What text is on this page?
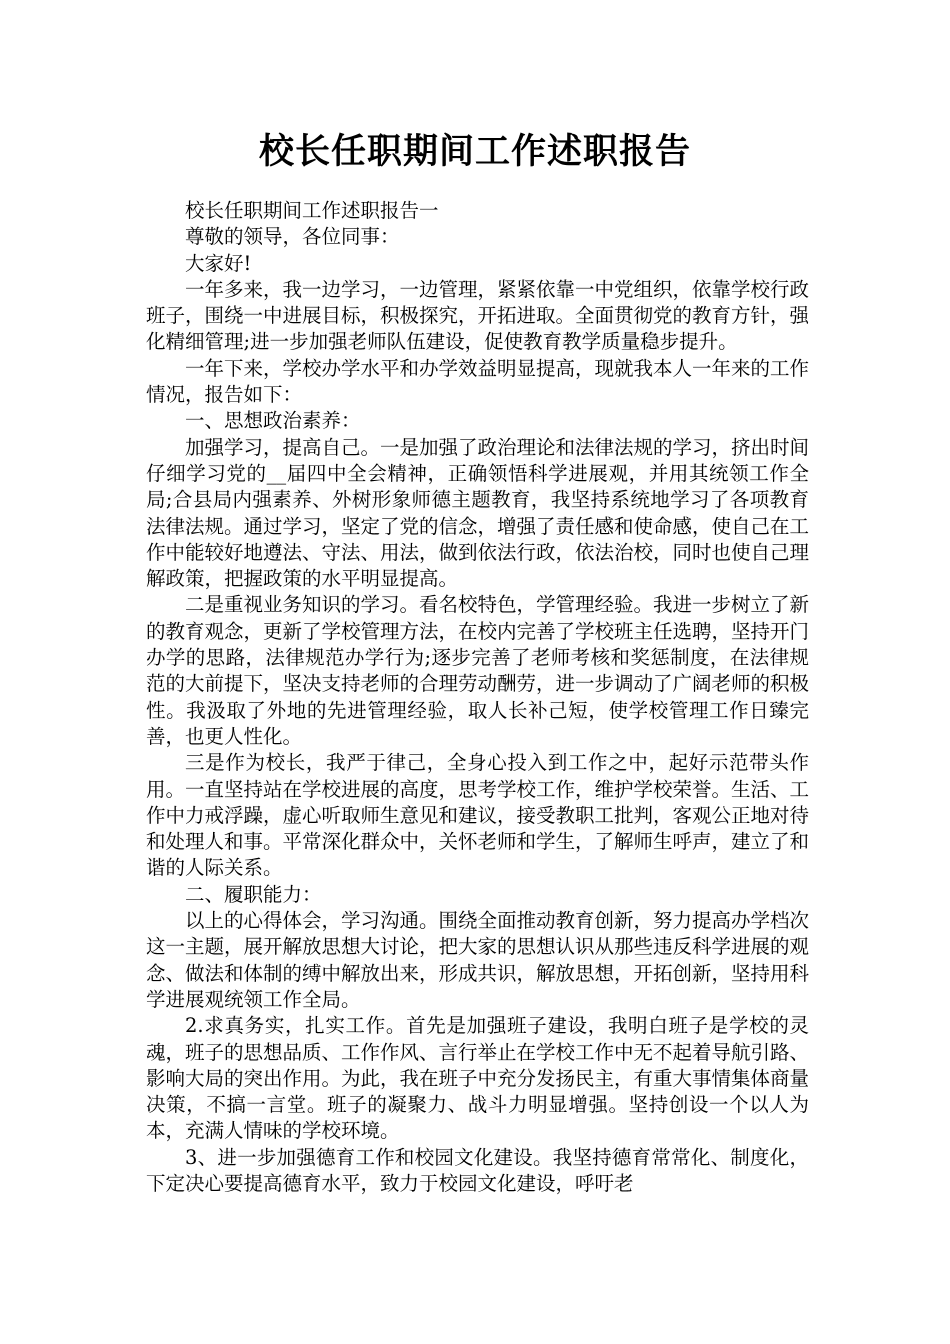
校长任职期间工作述职报告

校长任职期间工作述职报告一

尊敬的领导，各位同事：

大家好!

一年多来，我一边学习，一边管理，紧紧依靠一中党组织，依靠学校行政班子，围绕一中进展目标，积极探究，开拓进取。全面贯彻党的教育方针，强化精细管理;进一步加强老师队伍建设，促使教育教学质量稳步提升。

一年下来，学校办学水平和办学效益明显提高，现就我本人一年来的工作情况，报告如下：

一、思想政治素养：

加强学习，提高自己。一是加强了政治理论和法律法规的学习，挤出时间仔细学习党的__届四中全会精神，正确领悟科学进展观，并用其统领工作全局;合县局内强素养、外树形象师德主题教育，我坚持系统地学习了各项教育法律法规。通过学习，坚定了党的信念，增强了责任感和使命感，使自己在工作中能较好地遵法、守法、用法，做到依法行政，依法治校，同时也使自己理解政策，把握政策的水平明显提高。

二是重视业务知识的学习。看名校特色，学管理经验。我进一步树立了新的教育观念，更新了学校管理方法，在校内完善了学校班主任选聘，坚持开门办学的思路，法律规范办学行为;逐步完善了老师考核和奖惩制度，在法律规范的大前提下，坚决支持老师的合理劳动酬劳，进一步调动了广阔老师的积极性。我汲取了外地的先进管理经验，取人长补己短，使学校管理工作日臻完善，也更人性化。

三是作为校长，我严于律己，全身心投入到工作之中，起好示范带头作用。一直坚持站在学校进展的高度，思考学校工作，维护学校荣誉。生活、工作中力戒浮躁，虚心听取师生意见和建议，接受教职工批判，客观公正地对待和处理人和事。平常深化群众中，关怀老师和学生，了解师生呼声，建立了和谐的人际关系。

二、履职能力：

以上的心得体会，学习沟通。围绕全面推动教育创新，努力提高办学档次这一主题，展开解放思想大讨论，把大家的思想认识从那些违反科学进展的观念、做法和体制的缚中解放出来，形成共识，解放思想，开拓创新，坚持用科学进展观统领工作全局。

2.求真务实，扎实工作。首先是加强班子建设，我明白班子是学校的灵魂，班子的思想品质、工作作风、言行举止在学校工作中无不起着导航引路、影响大局的突出作用。为此，我在班子中充分发扬民主，有重大事情集体商量决策，不搞一言堂。班子的凝聚力、战斗力明显增强。坚持创设一个以人为本，充满人情味的学校环境。

3、进一步加强德育工作和校园文化建设。我坚持德育常常化、制度化，下定决心要提高德育水平，致力于校园文化建设，呼吁老
